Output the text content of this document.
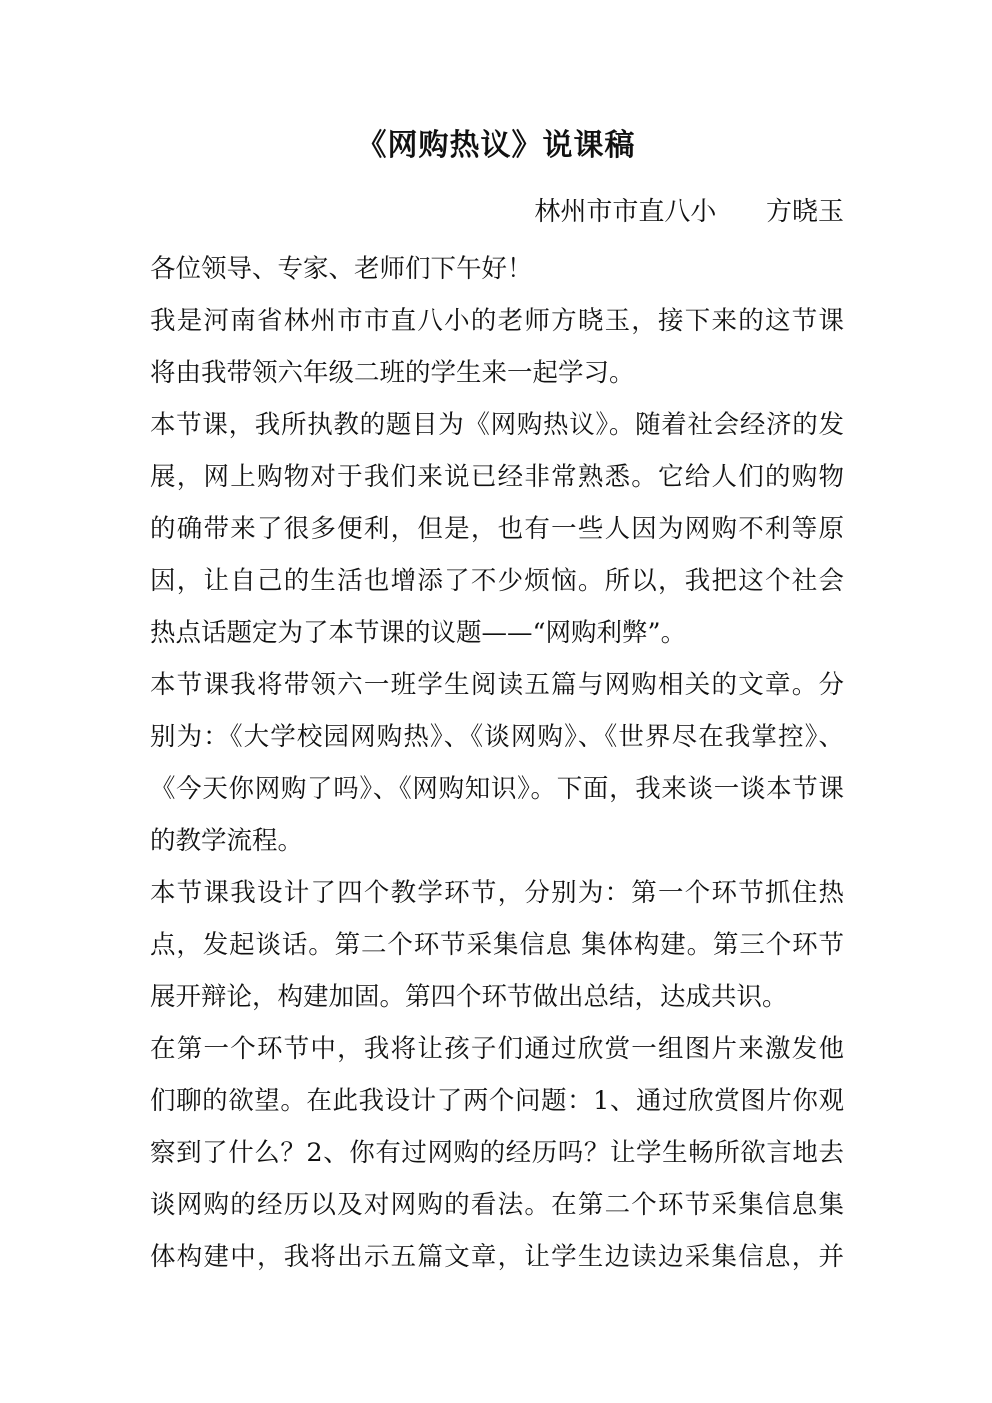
《网购热议》说课稿
林州市市直八小      方晓玉
各位领导、专家、老师们下午好！
我是河南省林州市市直八小的老师方晓玉，接下来的这节课
将由我带领六年级二班的学生来一起学习。
本节课，我所执教的题目为《网购热议》。随着社会经济的发
展，网上购物对于我们来说已经非常熟悉。它给人们的购物
的确带来了很多便利，但是，也有一些人因为网购不利等原
因，让自己的生活也增添了不少烦恼。所以，我把这个社会
热点话题定为了本节课的议题——“网购利弊”。
本节课我将带领六一班学生阅读五篇与网购相关的文章。分
别为：《大学校园网购热》、《谈网购》、《世界尽在我掌控》、
《今天你网购了吗》、《网购知识》。下面，我来谈一谈本节课
的教学流程。
本节课我设计了四个教学环节，分别为：第一个环节抓住热
点，发起谈话。第二个环节采集信息 集体构建。第三个环节
展开辩论，构建加固。第四个环节做出总结，达成共识。
在第一个环节中，我将让孩子们通过欣赏一组图片来激发他
们聊的欲望。在此我设计了两个问题：1、通过欣赏图片你观
察到了什么？2、你有过网购的经历吗？让学生畅所欲言地去
谈网购的经历以及对网购的看法。在第二个环节采集信息集
体构建中，我将出示五篇文章，让学生边读边采集信息，并
